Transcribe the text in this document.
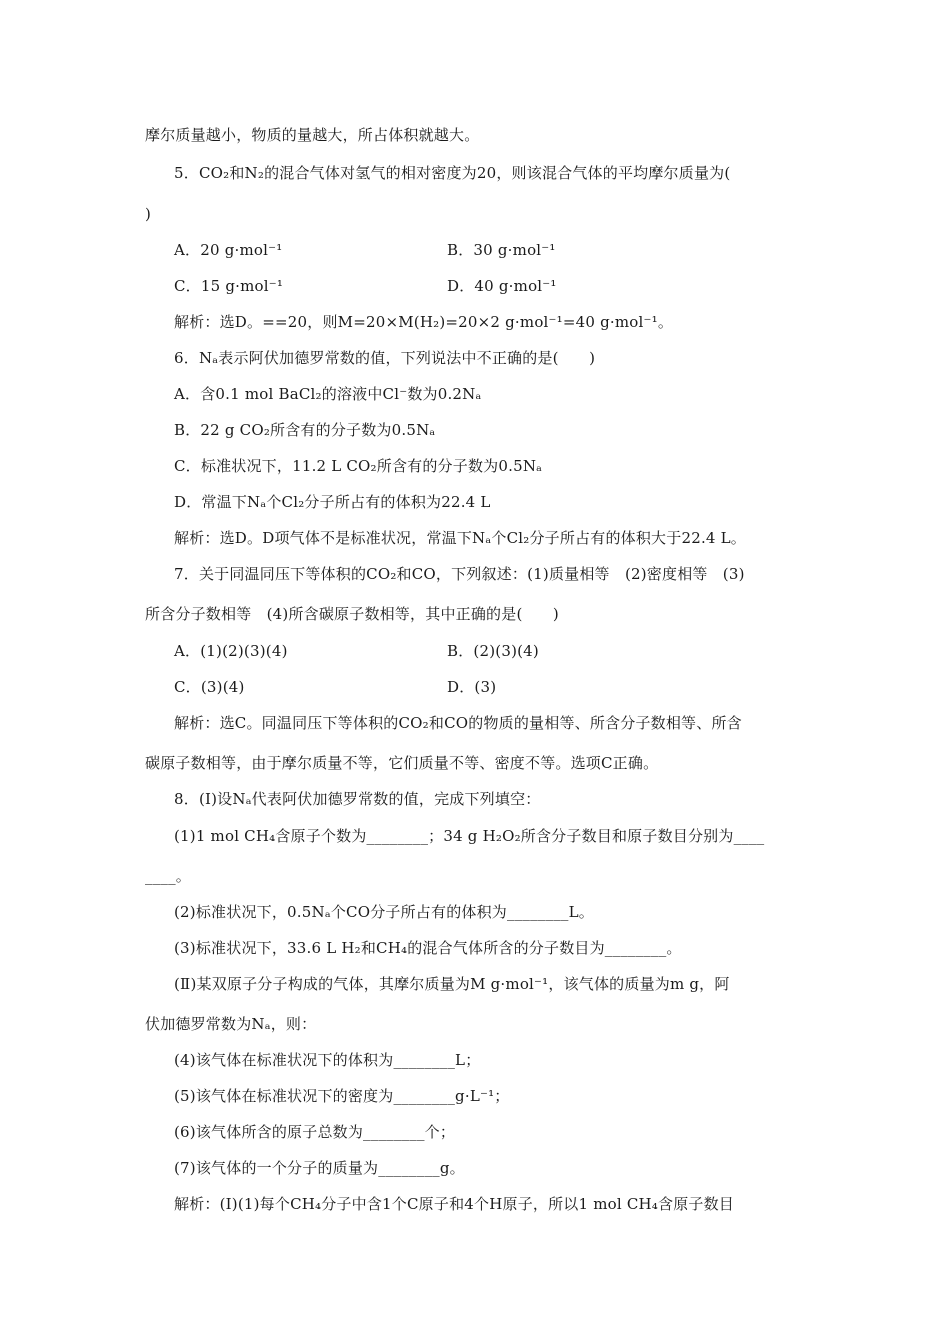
摩尔质量越小，物质的量越大，所占体积就越大。
5．CO₂和N₂的混合气体对氢气的相对密度为20，则该混合气体的平均摩尔质量为(
)
A．20 g·mol⁻¹	B．30 g·mol⁻¹
C．15 g·mol⁻¹	D．40 g·mol⁻¹
解析：选D。==20，则M=20×M(H₂)=20×2 g·mol⁻¹=40 g·mol⁻¹。
6．Nₐ表示阿伏加德罗常数的值，下列说法中不正确的是(　　)
A．含0.1 mol BaCl₂的溶液中Cl⁻数为0.2Nₐ
B．22 g CO₂所含有的分子数为0.5Nₐ
C．标准状况下，11.2 L CO₂所含有的分子数为0.5Nₐ
D．常温下Nₐ个Cl₂分子所占有的体积为22.4 L
解析：选D。D项气体不是标准状况，常温下Nₐ个Cl₂分子所占有的体积大于22.4 L。
7．关于同温同压下等体积的CO₂和CO，下列叙述：(1)质量相等　(2)密度相等　(3)
所含分子数相等　(4)所含碳原子数相等，其中正确的是(　　)
A．(1)(2)(3)(4)	B．(2)(3)(4)
C．(3)(4)	D．(3)
解析：选C。同温同压下等体积的CO₂和CO的物质的量相等、所含分子数相等、所含
碳原子数相等，由于摩尔质量不等，它们质量不等、密度不等。选项C正确。
8．(Ⅰ)设Nₐ代表阿伏加德罗常数的值，完成下列填空：
(1)1 mol CH₄含原子个数为________；34 g H₂O₂所含分子数目和原子数目分别为____
____。
(2)标准状况下，0.5Nₐ个CO分子所占有的体积为________L。
(3)标准状况下，33.6 L H₂和CH₄的混合气体所含的分子数目为________。
(Ⅱ)某双原子分子构成的气体，其摩尔质量为M g·mol⁻¹，该气体的质量为m g，阿
伏加德罗常数为Nₐ，则：
(4)该气体在标准状况下的体积为________L；
(5)该气体在标准状况下的密度为________g·L⁻¹；
(6)该气体所含的原子总数为________个；
(7)该气体的一个分子的质量为________g。
解析：(Ⅰ)(1)每个CH₄分子中含1个C原子和4个H原子，所以1 mol CH₄含原子数目
